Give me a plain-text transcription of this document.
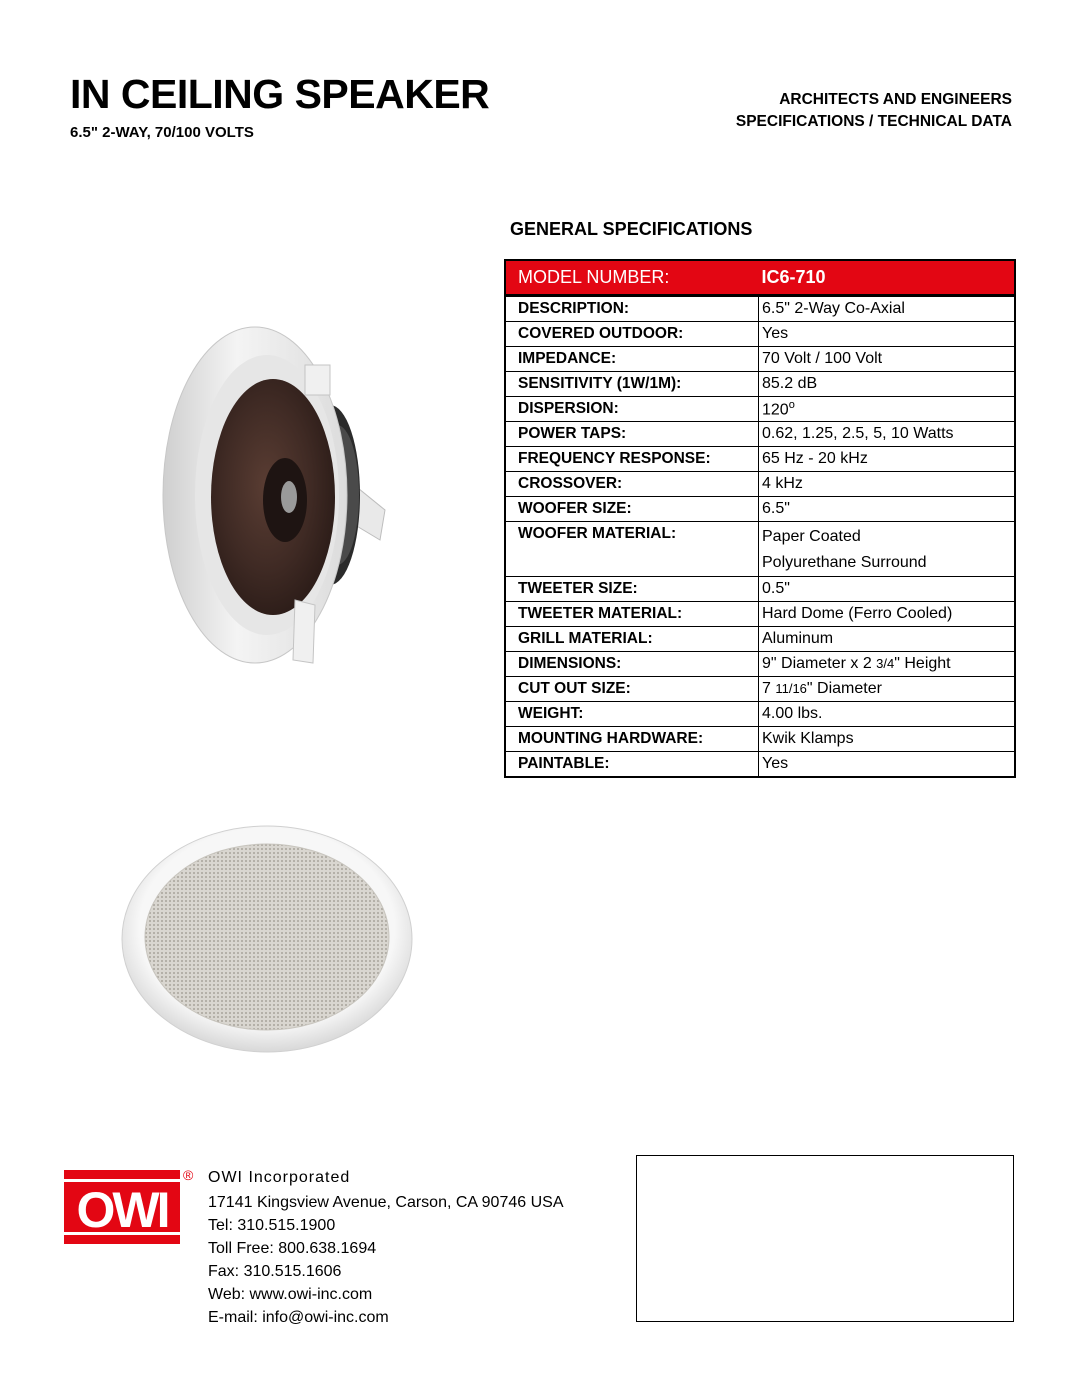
IN CEILING SPEAKER
6.5" 2-WAY, 70/100 VOLTS
ARCHITECTS AND ENGINEERS
SPECIFICATIONS / TECHNICAL DATA
GENERAL SPECIFICATIONS
MODEL NUMBER:	IC6-710
DESCRIPTION:	6.5" 2-Way Co-Axial
COVERED OUTDOOR:	Yes
IMPEDANCE:	70 Volt / 100 Volt
SENSITIVITY (1W/1M):	85.2 dB
DISPERSION:	120$^o$
POWER TAPS:	0.62, 1.25, 2.5, 5, 10 Watts
FREQUENCY RESPONSE:	65 Hz - 20 kHz
CROSSOVER:	4 kHz
WOOFER SIZE:	6.5"
WOOFER MATERIAL:	Paper Coated
Polyurethane Surround

TWEETER SIZE:	0.5"
TWEETER MATERIAL:	Hard Dome (Ferro Cooled)
GRILL MATERIAL:	Aluminum
DIMENSIONS:	9" Diameter x 2 3/4" Height
CUT OUT SIZE:	7 11/16" Diameter
WEIGHT:	4.00 lbs.
MOUNTING HARDWARE:	Kwik Klamps
PAINTABLE:	Yes
OWI
® OWI Incorporated
17141 Kingsview Avenue, Carson, CA 90746 USA
Tel: 310.515.1900
Toll Free: 800.638.1694
Fax: 310.515.1606
Web: www.owi-inc.com
E-mail: info@owi-inc.com
